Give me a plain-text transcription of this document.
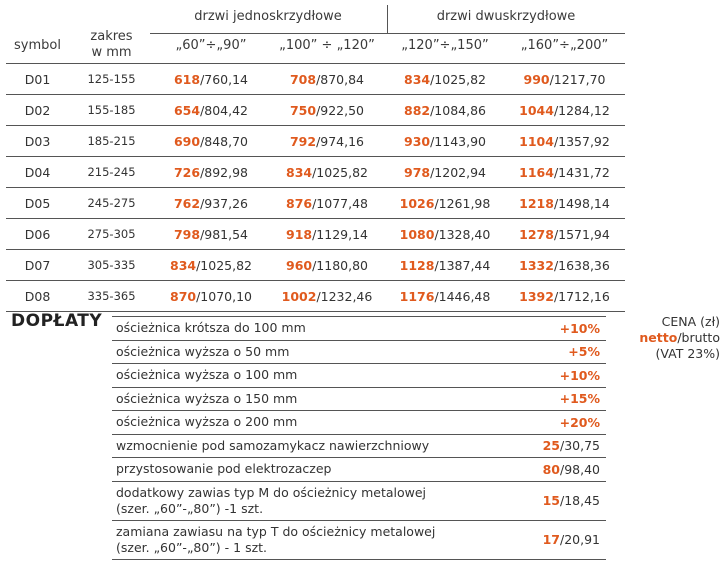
drzwi jednoskrzydłowe	drzwi dwuskrzydłowe
symbol
zakres
w mm	„60”÷„90”	„100” ÷ „120”	„120”÷„150”	„160”÷„200”
D01	125-155	618/760,14	708/870,84	834/1025,82	990/1217,70
D02	155-185	654/804,42	750/922,50	882/1084,86	1044/1284,12
D03	185-215	690/848,70	792/974,16	930/1143,90	1104/1357,92
D04	215-245	726/892,98	834/1025,82	978/1202,94	1164/1431,72
D05	245-275	762/937,26	876/1077,48	1026/1261,98	1218/1498,14
D06	275-305	798/981,54	918/1129,14	1080/1328,40	1278/1571,94
D07	305-335	834/1025,82	960/1180,80	1128/1387,44	1332/1638,36
D08	335-365	870/1070,10	1002/1232,46	1176/1446,48	1392/1712,16
DOPŁATY ościeżnica krótsza do 100 mm	+10%
ościeżnica wyższa o 50 mm	+5%
ościeżnica wyższa o 100 mm	+10%
ościeżnica wyższa o 150 mm	+15%
ościeżnica wyższa o 200 mm	+20%
wzmocnienie pod samozamykacz nawierzchniowy	25/30,75
przystosowanie pod elektrozaczep	80/98,40
dodatkowy zawias typ M do ościeżnicy metalowej
(szer. „60”-„80”) -1 szt.	15/18,45
zamiana zawiasu na typ T do ościeżnicy metalowej
(szer. „60”-„80”) - 1 szt.	17/20,91
CENA (zł)
netto/brutto
(VAT 23%)
